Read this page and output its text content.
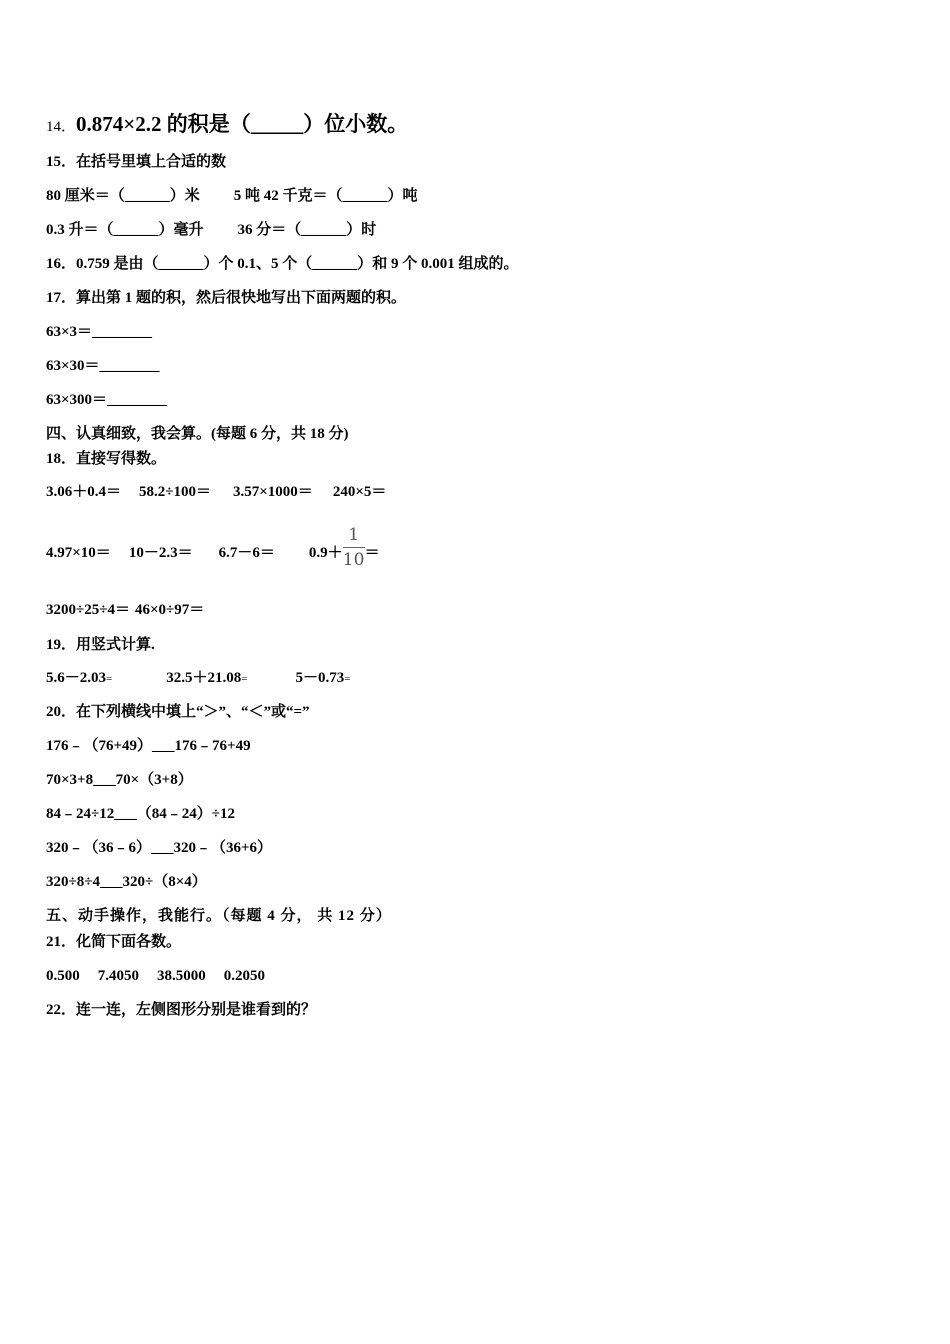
14．0.874×2.2 的积是（_____）位小数。
15．在括号里填上合适的数
80 厘米＝（______）米 5 吨 42 千克＝（______）吨
0.3 升＝（______）毫升 36 分＝（______）时
16．0.759 是由（______）个 0.1、5 个（______）和 9 个 0.001 组成的。
17．算出第 1 题的积，然后很快地写出下面两题的积。
63×3＝________
63×30＝________
63×300＝________
四、认真细致，我会算。(每题 6 分，共 18 分)
18．直接写得数。
3.06＋0.4＝ 58.2÷100＝ 3.57×1000＝ 240×5＝
$4.97\times 10= 10-2.3= 6.7-6= 0.9+ \frac{1}{10}$ ＝
3200÷25÷4＝ 46×0÷97＝
19．用竖式计算.
5.6－2.03=	32.5＋21.08=	5－0.73=
20．在下列横线中填上“＞”、“＜”或“=”
176﹣（76+49）___176﹣76+49
70×3+8___70×（3+8）
84﹣24÷12___（84﹣24）÷12
320﹣（36﹣6）___320﹣（36+6）
320÷8÷4___320÷（8×4）
五、动手操作，我能行。（每题 4 分， 共 12 分）
21．化简下面各数。
0.500 7.4050 38.5000 0.2050
22．连一连，左侧图形分别是谁看到的？
